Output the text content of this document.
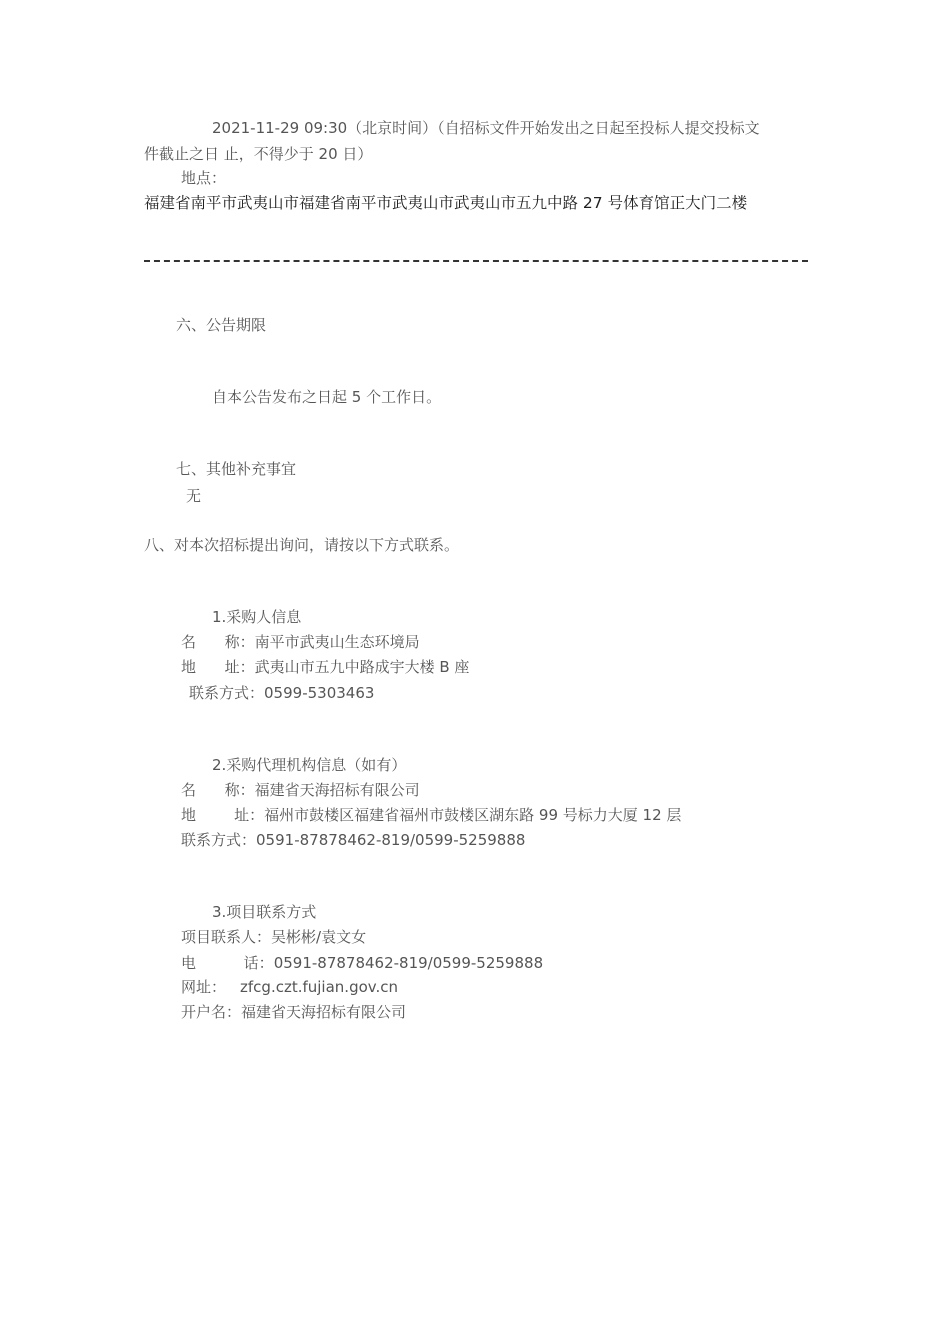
2021-11-29 09:30（北京时间）（自招标文件开始发出之日起至投标人提交投标文
件截止之日 止，不得少于 20 日）
地点：
福建省南平市武夷山市福建省南平市武夷山市武夷山市五九中路 27 号体育馆正大门二楼
六、公告期限
自本公告发布之日起 5 个工作日。
七、其他补充事宜
无
八、对本次招标提出询问，请按以下方式联系。
1.采购人信息
名      称：南平市武夷山生态环境局
地      址：武夷山市五九中路成宇大楼 B 座
联系方式：0599-5303463
2.采购代理机构信息（如有）
名      称：福建省天海招标有限公司
地        址：福州市鼓楼区福建省福州市鼓楼区湖东路 99 号标力大厦 12 层
联系方式：0591-87878462-819/0599-5259888
3.项目联系方式
项目联系人：吴彬彬/袁文女
电          话：0591-87878462-819/0599-5259888
网址： zfcg.czt.fujian.gov.cn
开户名：福建省天海招标有限公司
